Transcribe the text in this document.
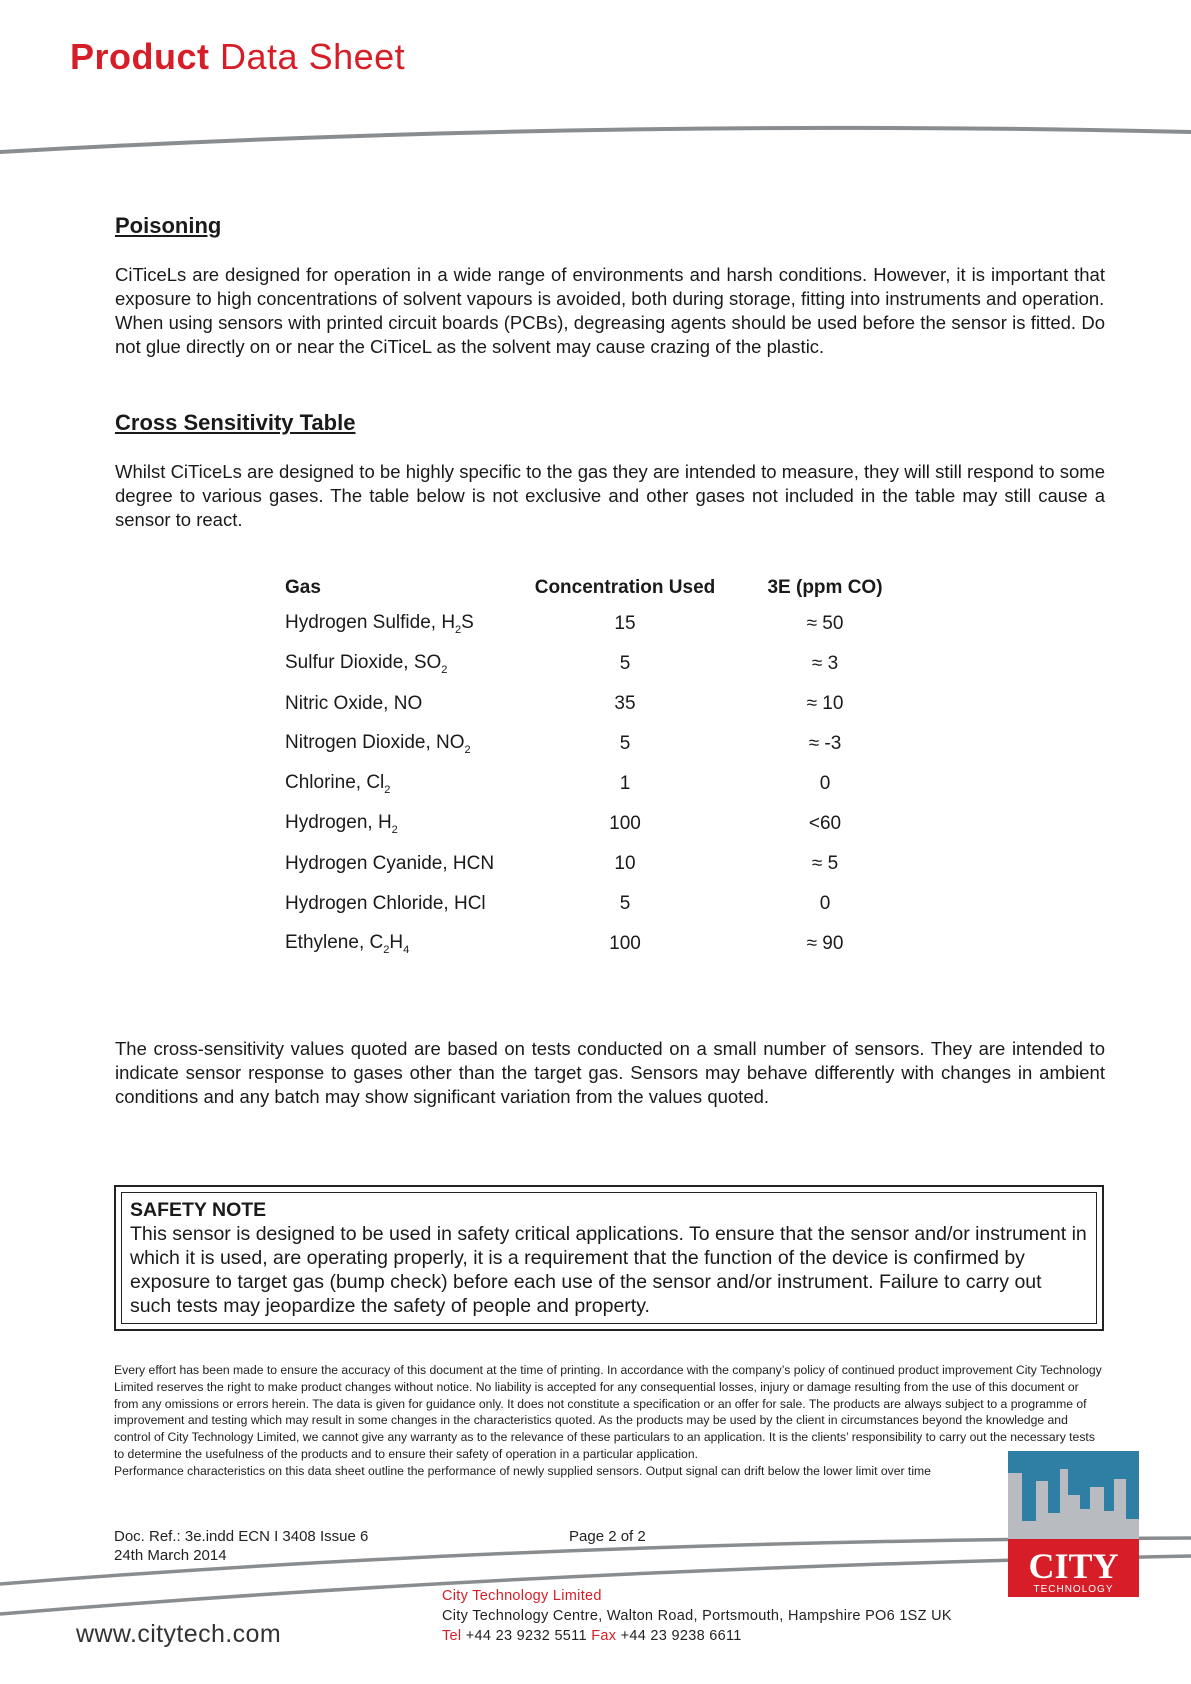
Product Data Sheet
Poisoning

CiTiceLs are designed for operation in a wide range of environments and harsh conditions. However, it is important that exposure to high concentrations of solvent vapours is avoided, both during storage, fitting into instruments and operation.

When using sensors with printed circuit boards (PCBs), degreasing agents should be used before the sensor is fitted. Do not glue directly on or near the CiTiceL as the solvent may cause crazing of the plastic.

Cross Sensitivity Table

Whilst CiTiceLs are designed to be highly specific to the gas they are intended to measure, they will still respond to some degree to various gases. The table below is not exclusive and other gases not included in the table may still cause a sensor to react.

Gas	Concentration Used	3E (ppm CO)
Hydrogen Sulfide, $H_2S$	15	≈ 50
Sulfur Dioxide, $SO_2$	5	≈ 3
Nitric Oxide, NO	35	≈ 10
Nitrogen Dioxide, $NO_2$	5	≈ -3
Chlorine, $Cl_2$	1	0
Hydrogen, $H_2$	100	<60
Hydrogen Cyanide, HCN	10	≈ 5
Hydrogen Chloride, HCl	5	0
Ethylene, $C_2H_4$	100	≈ 90

The cross-sensitivity values quoted are based on tests conducted on a small number of sensors. They are intended to indicate sensor response to gases other than the target gas. Sensors may behave differently with changes in ambient conditions and any batch may show significant variation from the values quoted.

SAFETY NOTE
This sensor is designed to be used in safety critical applications. To ensure that the sensor and/or instrument in which it is used, are operating properly, it is a requirement that the function of the device is confirmed by exposure to target gas (bump check) before each use of the sensor and/or instrument. Failure to carry out such tests may jeopardize the safety of people and property.

Every effort has been made to ensure the accuracy of this document at the time of printing. In accordance with the company’s policy of continued product improvement City Technology Limited reserves the right to make product changes without notice. No liability is accepted for any consequential losses, injury or damage resulting from the use of this document or from any omissions or errors herein. The data is given for guidance only. It does not constitute a specification or an offer for sale. The products are always subject to a programme of improvement and testing which may result in some changes in the characteristics quoted. As the products may be used by the client in circumstances beyond the knowledge and control of City Technology Limited, we cannot give any warranty as to the relevance of these particulars to an application. It is the clients’ responsibility to carry out the necessary tests to determine the usefulness of the products and to ensure their safety of operation in a particular application.

Performance characteristics on this data sheet outline the performance of newly supplied sensors. Output signal can drift below the lower limit over time

Doc. Ref.: 3e.indd ECN I 3408 Issue 6
24th March 2014
Page 2 of 2
City Technology Limited
City Technology Centre, Walton Road, Portsmouth, Hampshire PO6 1SZ UK
Tel +44 23 9232 5511 Fax +44 23 9238 6611
www.citytech.com
CITY
TECHNOLOGY
